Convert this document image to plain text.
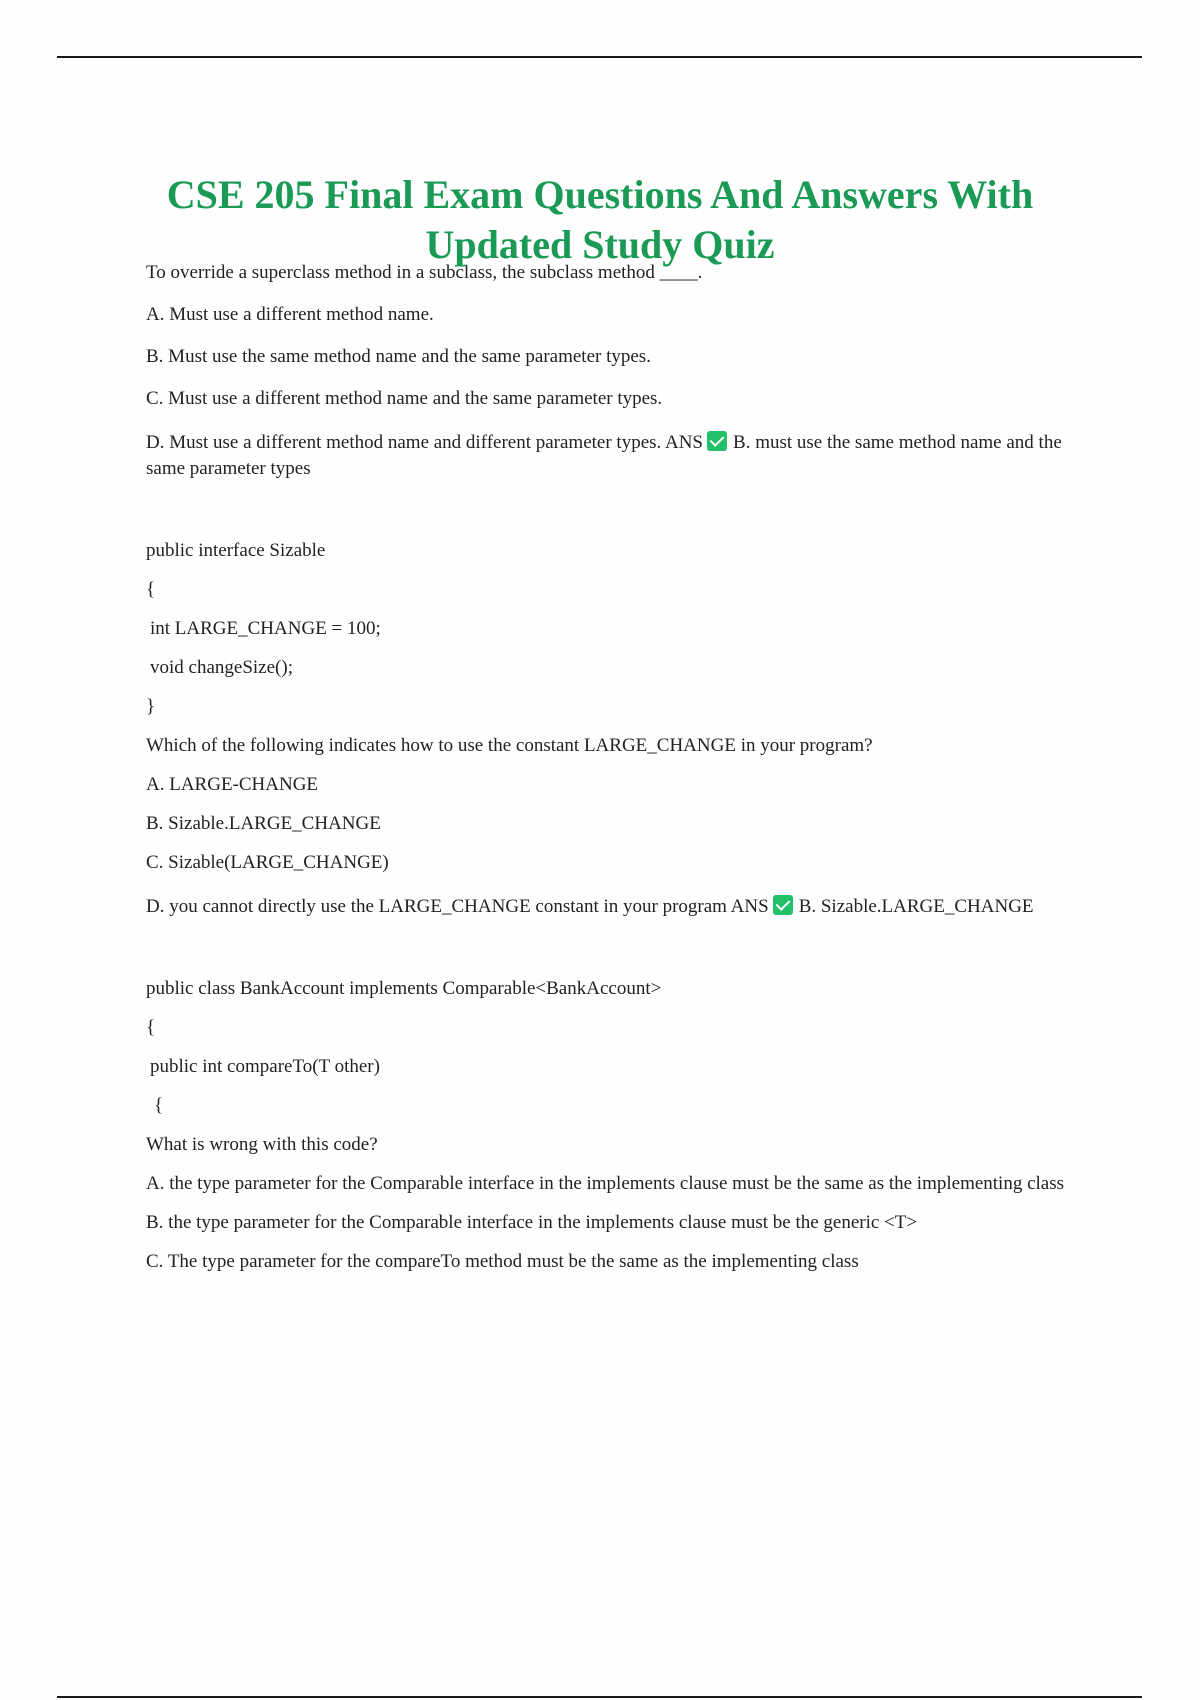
CSE 205 Final Exam Questions And Answers With Updated Study Quiz

To override a superclass method in a subclass, the subclass method ____.

A. Must use a different method name.

B. Must use the same method name and the same parameter types.

C. Must use a different method name and the same parameter types.

D. Must use a different method name and different parameter types. ANS B. must use the same method name and the same parameter types

public interface Sizable

{

int LARGE_CHANGE = 100;

void changeSize();

}

Which of the following indicates how to use the constant LARGE_CHANGE in your program?

A. LARGE-CHANGE

B. Sizable.LARGE_CHANGE

C. Sizable(LARGE_CHANGE)

D. you cannot directly use the LARGE_CHANGE constant in your program ANS B. Sizable.LARGE_CHANGE

public class BankAccount implements Comparable<BankAccount>

{

public int compareTo(T other)

{

What is wrong with this code?

A. the type parameter for the Comparable interface in the implements clause must be the same as the implementing class

B. the type parameter for the Comparable interface in the implements clause must be the generic <T>

C. The type parameter for the compareTo method must be the same as the implementing class
